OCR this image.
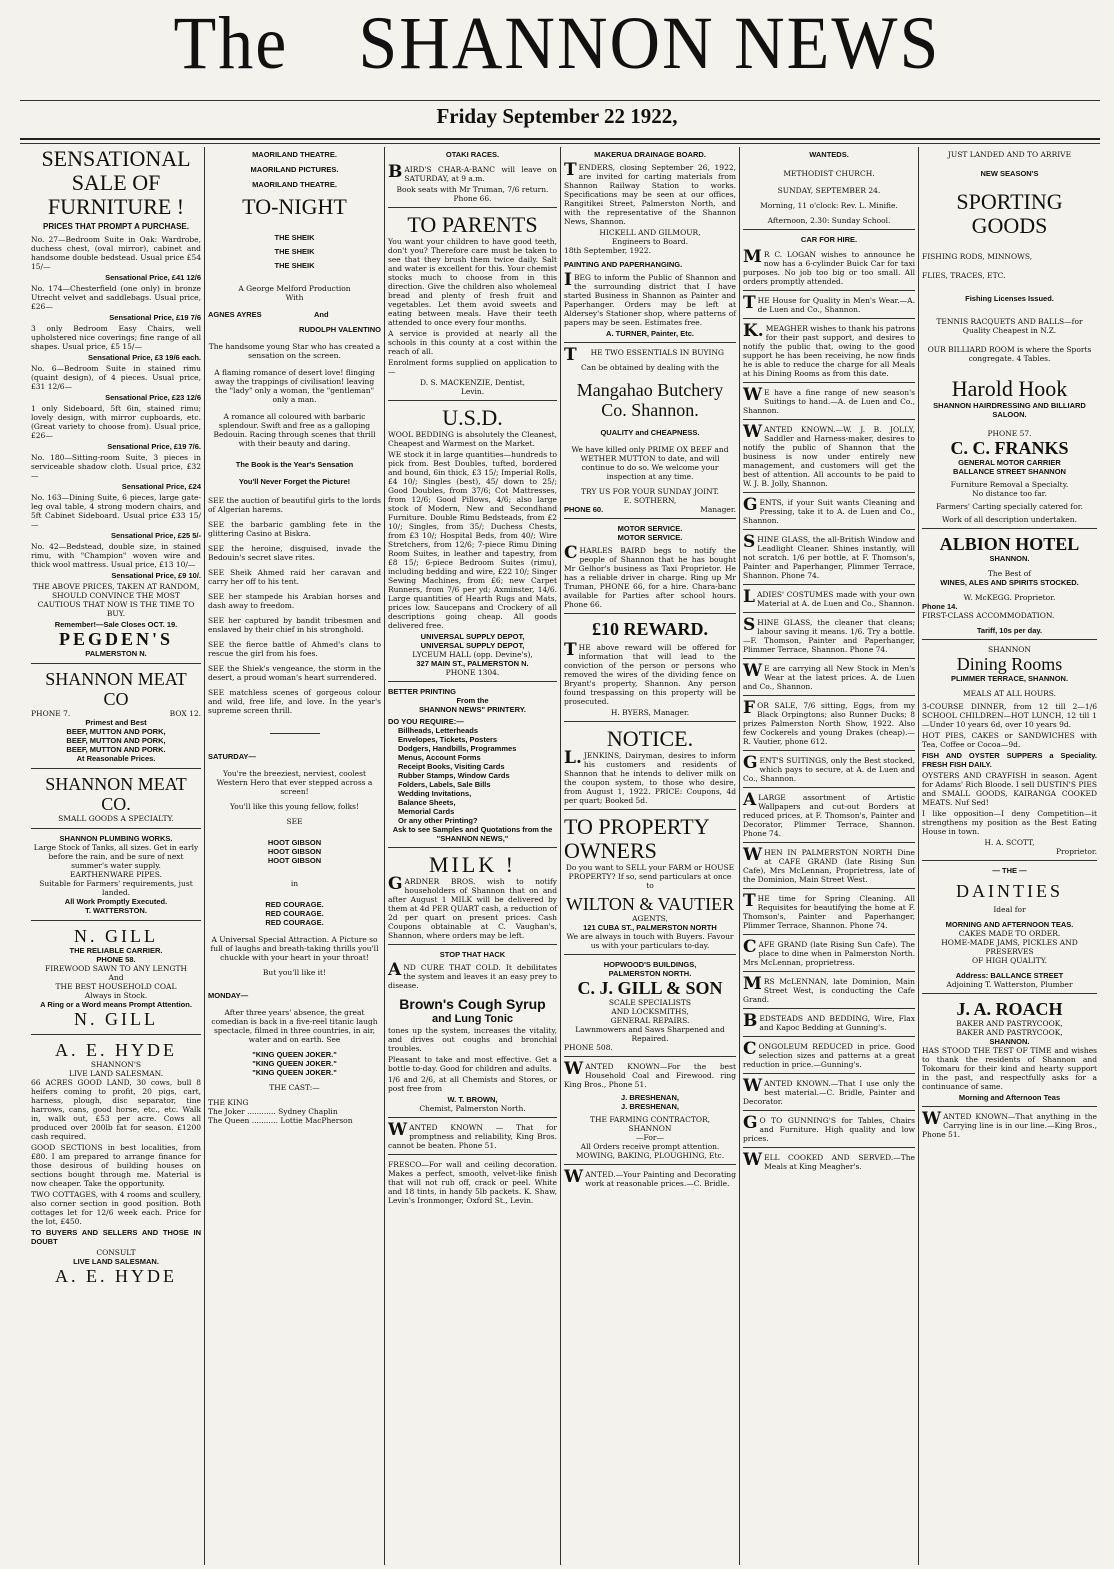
The SHANNON NEWS
Friday September 22 1922,
SENSATIONAL SALE OF FURNITURE !
PRICES THAT PROMPT A PURCHASE.

No. 27—Bedroom Suite in Oak: Wardrobe, duchess chest, (oval mirror), cabinet and handsome double bedstead. Usual price £54 15/—

Sensational Price, £41 12/6

No. 174—Chesterfield (one only) in bronze Utrecht velvet and saddlebags. Usual price, £26—

Sensational Price, £19 7/6

3 only Bedroom Easy Chairs, well upholstered nice coverings; fine range of all shapes. Usual price, £5 15/—

Sensational Price, £3 19/6 each.

No. 6—Bedroom Suite in stained rimu (quaint design), of 4 pieces. Usual price, £31 12/6—

Sensational Price, £23 12/6

1 only Sideboard, 5ft 6in, stained rimu; lovely design, with mirror cupboards, etc. (Great variety to choose from). Usual price, £26—

Sensational Price, £19 7/6.

No. 180—Sitting-room Suite, 3 pieces in serviceable shadow cloth. Usual price, £32—

Sensational Price, £24

No. 163—Dining Suite, 6 pieces, large gate-leg oval table, 4 strong modern chairs, and 5ft Cabinet Sideboard. Usual price £33 15/—

Sensational Price, £25 5/-

No. 42—Bedstead, double size, in stained rimu, with "Champion" woven wire and thick wool mattress. Usual price, £13 10/—

Sensational Price, £9 10/.

THE ABOVE PRICES, TAKEN AT RANDOM, SHOULD CONVINCE THE MOST CAUTIOUS THAT NOW IS THE TIME TO BUY.

Remember!—Sale Closes OCT. 19.
PEGDEN'S
PALMERSTON N.
SHANNON MEAT CO
PHONE 7.	BOX 12.
Primest and Best
BEEF, MUTTON AND PORK,
BEEF, MUTTON AND PORK,
BEEF, MUTTON AND PORK.
At Reasonable Prices.
SHANNON MEAT CO.
SMALL GOODS A SPECIALTY.
SHANNON PLUMBING WORKS.
Large Stock of Tanks, all sizes. Get in early before the rain, and be sure of next summer's water supply.
EARTHENWARE PIPES.
Suitable for Farmers' requirements, just landed.
All Work Promptly Executed.
T. WATTERSTON.
N. GILL
THE RELIABLE CARRIER.
PHONE 58.
FIREWOOD SAWN TO ANY LENGTH
And
THE BEST HOUSEHOLD COAL
Always in Stock.
A Ring or a Word means Prompt Attention.
N. GILL
A. E. HYDE
SHANNON'S
LIVE LAND SALESMAN.

66 ACRES GOOD LAND, 30 cows, bull 8 heifers coming to profit, 20 pigs, cart, harness, plough, disc separator, tine harrows, cans, good horse, etc., etc. Walk in, walk out, £53 per acre. Cows all produced over 200lb fat for season. £1200 cash required.

GOOD SECTIONS in best localities, from £80. I am prepared to arrange finance for those desirous of building houses on sections bought through me. Material is now cheaper. Take the opportunity.

TWO COTTAGES, with 4 rooms and scullery, also corner section in good position. Both cottages let for 12/6 week each. Price for the lot, £450.

TO BUYERS AND SELLERS AND THOSE IN DOUBT

CONSULT
LIVE LAND SALESMAN.
A. E. HYDE
MAORILAND THEATRE.
MAORILAND PICTURES.
MAORILAND THEATRE.
TO-NIGHT
THE SHEIK
THE SHEIK
THE SHEIK
A George Melford Production
With
AGNES AYRES	And
RUDOLPH VALENTINO

The handsome young Star who has created a sensation on the screen.

A flaming romance of desert love! flinging away the trappings of civilisation! leaving the "lady" only a woman, the "gentleman" only a man.

A romance all coloured with barbaric splendour. Swift and free as a galloping Bedouin. Racing through scenes that thrill with their beauty and daring.

The Book is the Year's Sensation
You'll Never Forget the Picture!

SEE the auction of beautiful girls to the lords of Algerian harems.

SEE the barbaric gambling fete in the glittering Casino at Biskra.

SEE the heroine, disguised, invade the Bedouin's secret slave rites.

SEE Sheik Ahmed raid her caravan and carry her off to his tent.

SEE her stampede his Arabian horses and dash away to freedom.

SEE her captured by bandit tribesmen and enslaved by their chief in his stronghold.

SEE the fierce battle of Ahmed's clans to rescue the girl from his foes.

SEE the Shiek's vengeance, the storm in the desert, a proud woman's heart surrendered.

SEE matchless scenes of gorgeous colour and wild, free life, and love. In the year's supreme screen thrill.

SATURDAY—

You're the breeziest, nerviest, coolest Western Hero that ever stepped across a screen!

You'll like this young fellow, folks!

SEE
HOOT GIBSON
HOOT GIBSON
HOOT GIBSON
in
RED COURAGE.
RED COURAGE.
RED COURAGE.

A Universal Special Attraction. A Picture so full of laughs and breath-taking thrills you'll chuckle with your heart in your throat!

But you'll like it!
MONDAY—

After three years' absence, the great comedian is back in a five-reel titanic laugh spectacle, filmed in three countries, in air, water and on earth. See

"KING QUEEN JOKER."
"KING QUEEN JOKER."
"KING QUEEN JOKER."
THE CAST:—
THE KING
The Joker ............ Sydney Chaplin
The Queen ........... Lottie MacPherson
OTAKI RACES.

BAIRD'S CHAR-A-BANC will leave on SATURDAY, at 9 a.m.

Book seats with Mr Truman, 7/6 return. Phone 66.
TO PARENTS

You want your children to have good teeth, don't you? Therefore care must be taken to see that they brush them twice daily. Salt and water is excellent for this. Your chemist stocks much to choose from in this direction. Give the children also wholemeal bread and plenty of fresh fruit and vegetables. Let them avoid sweets and eating between meals. Have their teeth attended to once every four months.

A service is provided at nearly all the schools in this county at a cost within the reach of all.

Enrolment forms supplied on application to—

D. S. MACKENZIE, Dentist,
Levin.
U.S.D.

WOOL BEDDING is absolutely the Cleanest, Cheapest and Warmest on the Market.

WE stock it in large quantities—hundreds to pick from. Best Doubles, tufted, bordered and bound, 6in thick, £3 15/; Imperial Rolls, £4 10/; Singles (best), 45/ down to 25/; Good Doubles, from 37/6; Cot Mattresses, from 12/6; Good Pillows, 4/6; also large stock of Modern, New and Secondhand Furniture. Double Rimu Bedsteads, from £2 10/; Singles, from 35/; Duchess Chests, from £3 10/; Hospital Beds, from 40/; Wire Stretchers, from 12/6; 7-piece Rimu Dining Room Suites, in leather and tapestry, from £8 15/; 6-piece Bedroom Suites (rimu), including bedding and wire, £22 10/; Singer Sewing Machines, from £6; new Carpet Runners, from 7/6 per yd; Axminster, 14/6. Large quantities of Hearth Rugs and Mats, prices low. Saucepans and Crockery of all descriptions going cheap. All goods delivered free.

UNIVERSAL SUPPLY DEPOT,
UNIVERSAL SUPPLY DEPOT,
LYCEUM HALL (opp. Devine's),
327 MAIN ST., PALMERSTON N.
PHONE 1304.
BETTER PRINTING
From the
SHANNON NEWS" PRINTERY.
DO YOU REQUIRE:—
Billheads, Letterheads
Envelopes, Tickets, Posters
Dodgers, Handbills, Programmes
Menus, Account Forms
Receipt Books, Visiting Cards
Rubber Stamps, Window Cards
Folders, Labels, Sale Bills
Wedding Invitations,
Balance Sheets,
Memorial Cards
Or any other Printing?
Ask to see Samples and Quotations from the
"SHANNON NEWS,"
MILK !

GARDNER BROS. wish to notify householders of Shannon that on and after August 1 MILK will be delivered by them at 4d PER QUART cash, a reduction of 2d per quart on present prices. Cash Coupons obtainable at C. Vaughan's, Shannon, where orders may be left.

STOP THAT HACK

AND CURE THAT COLD. It debilitates the system and leaves it an easy prey to disease.

Brown's Cough Syrup
and Lung Tonic

tones up the system, increases the vitality, and drives out coughs and bronchial troubles.

Pleasant to take and most effective. Get a bottle to-day. Good for children and adults.

1/6 and 2/6, at all Chemists and Stores, or post free from

W. T. BROWN,
Chemist, Palmerston North.

WANTED KNOWN — That for promptness and reliability, King Bros. cannot be beaten. Phone 51.

FRESCO—For wall and ceiling decoration. Makes a perfect, smooth, velvet-like finish that will not rub off, crack or peel. White and 18 tints, in handy 5lb packets. K. Shaw, Levin's Ironmonger, Oxford St., Levin.

MAKERUA DRAINAGE BOARD.

TENDERS, closing September 26, 1922, are invited for carting materials from Shannon Railway Station to works. Specifications may be seen at our offices, Rangitikei Street, Palmerston North, and with the representative of the Shannon News, Shannon.

HICKELL AND GILMOUR,
Engineers to Board.
18th September, 1922.
PAINTING AND PAPERHANGING.

IBEG to inform the Public of Shannon and the surrounding district that I have started Business in Shannon as Painter and Paperhanger. Orders may be left at Aldersey's Stationer shop, where patterns of papers may be seen. Estimates free.

A. TURNER, Painter, Etc.
THE TWO ESSENTIALS IN BUYING
Can be obtained by dealing with the
Mangahao Butchery Co. Shannon.
QUALITY and CHEAPNESS.

We have killed only PRIME OX BEEF and WETHER MUTTON to date, and will continue to do so. We welcome your inspection at any time.

TRY US FOR YOUR SUNDAY JOINT.
E. SOTHERN,
PHONE 60.	Manager.
MOTOR SERVICE.
MOTOR SERVICE.

CHARLES BAIRD begs to notify the people of Shannon that he has bought Mr Gelhor's business as Taxi Proprietor. He has a reliable driver in charge. Ring up Mr Truman, PHONE 66, for a hire. Chara-banc available for Parties after school hours. Phone 66.

£10 REWARD.

THE above reward will be offered for information that will lead to the conviction of the person or persons who removed the wires of the dividing fence on Bryant's property, Shannon. Any person found trespassing on this property will be prosecuted.

H. BYERS, Manager.
NOTICE.

L.JENKINS, Dairyman, desires to inform his customers and residents of Shannon that he intends to deliver milk on the coupon system, to those who desire, from August 1, 1922. PRICE: Coupons, 4d per quart; Booked 5d.

TO PROPERTY OWNERS

Do you want to SELL your FARM or HOUSE PROPERTY? If so, send particulars at once to

WILTON & VAUTIER
AGENTS,
121 CUBA ST., PALMERSTON NORTH

We are always in touch with Buyers. Favour us with your particulars to-day.

HOPWOOD'S BUILDINGS,
PALMERSTON NORTH.
C. J. GILL & SON
SCALE SPECIALISTS
AND LOCKSMITHS,
GENERAL REPAIRS.
Lawnmowers and Saws Sharpened and Repaired.
PHONE 508.

WANTED KNOWN—For the best Household Coal and Firewood. ring King Bros., Phone 51.

J. BRESHENAN,
J. BRESHENAN,
THE FARMING CONTRACTOR,
SHANNON
—For—
All Orders receive prompt attention. MOWING, BAKING, PLOUGHING, Etc.

WANTED.—Your Painting and Decorating work at reasonable prices.—C. Bridle.

WANTEDS.
METHODIST CHURCH.
SUNDAY, SEPTEMBER 24.
Morning, 11 o'clock: Rev. L. Minifie.
Afternoon, 2.30: Sunday School.
CAR FOR HIRE.

MR C. LOGAN wishes to announce he now has a 6-cylinder Buick Car for taxi purposes. No job too big or too small. All orders promptly attended.

THE House for Quality in Men's Wear.—A. de Luen and Co., Shannon.

K.MEAGHER wishes to thank his patrons for their past support, and desires to notify the public that, owing to the good support he has been receiving, he now finds he is able to reduce the charge for all Meals at his Dining Rooms as from this date.

WE have a fine range of new season's Suitings to hand.—A. de Luen and Co., Shannon.

WANTED KNOWN.—W. J. B. JOLLY, Saddler and Harness-maker, desires to notify the public of Shannon that the business is now under entirely new management, and customers will get the best of attention. All accounts to be paid to W. J. B. Jolly, Shannon.

GENTS, if your Suit wants Cleaning and Pressing, take it to A. de Luen and Co., Shannon.

SHINE GLASS, the all-British Window and Leadlight Cleaner. Shines instantly, will not scratch. 1/6 per bottle, at F. Thomson's, Painter and Paperhanger, Plimmer Terrace, Shannon. Phone 74.

LADIES' COSTUMES made with your own Material at A. de Luen and Co., Shannon.

SHINE GLASS, the cleaner that cleans; labour saving it means. 1/6. Try a bottle.—F. Thomson, Painter and Paperhanger, Plimmer Terrace, Shannon. Phone 74.

WE are carrying all New Stock in Men's Wear at the latest prices. A. de Luen and Co., Shannon.

FOR SALE, 7/6 sitting, Eggs, from my Black Orpingtons; also Runner Ducks; 8 prizes Palmerston North Show, 1922. Also few Cockerels and young Drakes (cheap).—R. Vautier, phone 612.

GENT'S SUITINGS, only the Best stocked, which pays to secure, at A. de Luen and Co., Shannon.

ALARGE assortment of Artistic Wallpapers and cut-out Borders at reduced prices, at F. Thomson's, Painter and Decorator, Plimmer Terrace, Shannon. Phone 74.

WHEN IN PALMERSTON NORTH Dine at CAFE GRAND (late Rising Sun Cafe), Mrs McLennan, Proprietress, late of the Dominion, Main Street West.

THE time for Spring Cleaning. All Requisites for beautifying the home at F. Thomson's, Painter and Paperhanger, Plimmer Terrace, Shannon. Phone 74.

CAFE GRAND (late Rising Sun Cafe). The place to dine when in Palmerston North. Mrs McLennan, proprietress.

MRS McLENNAN, late Dominion, Main Street West, is conducting the Cafe Grand.

BEDSTEADS AND BEDDING, Wire, Flax and Kapoc Bedding at Gunning's.

CONGOLEUM REDUCED in price. Good selection sizes and patterns at a great reduction in price.—Gunning's.

WANTED KNOWN.—That I use only the best material.—C. Bridle, Painter and Decorator.

GO TO GUNNING'S for Tables, Chairs and Furniture. High quality and low prices.

WELL COOKED AND SERVED.—The Meals at King Meagher's.

JUST LANDED AND TO ARRIVE
NEW SEASON'S
SPORTING GOODS
FISHING RODS, MINNOWS,
FLIES, TRACES, ETC.
Fishing Licenses Issued.

TENNIS RACQUETS AND BALLS—for Quality Cheapest in N.Z.

OUR BILLIARD ROOM is where the Sports congregate. 4 Tables.

Harold Hook
SHANNON HAIRDRESSING AND BILLIARD SALOON.
PHONE 57.
C. C. FRANKS
GENERAL MOTOR CARRIER
BALLANCE STREET SHANNON
Furniture Removal a Specialty.
No distance too far.
Farmers' Carting specially catered for.
Work of all description undertaken.
ALBION HOTEL
SHANNON.
The Best of
WINES, ALES AND SPIRITS STOCKED.
W. McKEGG. Proprietor.
Phone 14.
FIRST-CLASS ACCOMMODATION.
Tariff, 10s per day.
SHANNON
Dining Rooms
PLIMMER TERRACE, SHANNON.
MEALS AT ALL HOURS.

3-COURSE DINNER, from 12 till 2—1/6 SCHOOL CHILDREN—HOT LUNCH, 12 till 1—Under 10 years 6d, over 10 years 9d.

HOT PIES, CAKES or SANDWICHES with Tea, Coffee or Cocoa—9d.

FISH AND OYSTER SUPPERS a Speciality. FRESH FISH DAILY.

OYSTERS AND CRAYFISH in season. Agent for Adams' Rich Bloode. I sell DUSTIN'S PIES and SMALL GOODS, KAIRANGA COOKED MEATS. Nuf Sed!

I like opposition—I deny Competition—it strengthens my position as the Best Eating House in town.

H. A. SCOTT,
Proprietor.
— THE —
DAINTIES
Ideal for
MORNING AND AFTERNOON TEAS.
CAKES MADE TO ORDER.
HOME-MADE JAMS, PICKLES AND PRESERVES
OF HIGH QUALITY.
Address: BALLANCE STREET
Adjoining T. Watterston, Plumber
J. A. ROACH
BAKER AND PASTRYCOOK,
BAKER AND PASTRYCOOK,
SHANNON.

HAS STOOD THE TEST OF TIME and wishes to thank the residents of Shannon and Tokomaru for their kind and hearty support in the past, and respectfully asks for a continuance of same.

Morning and Afternoon Teas

WANTED KNOWN—That anything in the Carrying line is in our line.—King Bros., Phone 51.
